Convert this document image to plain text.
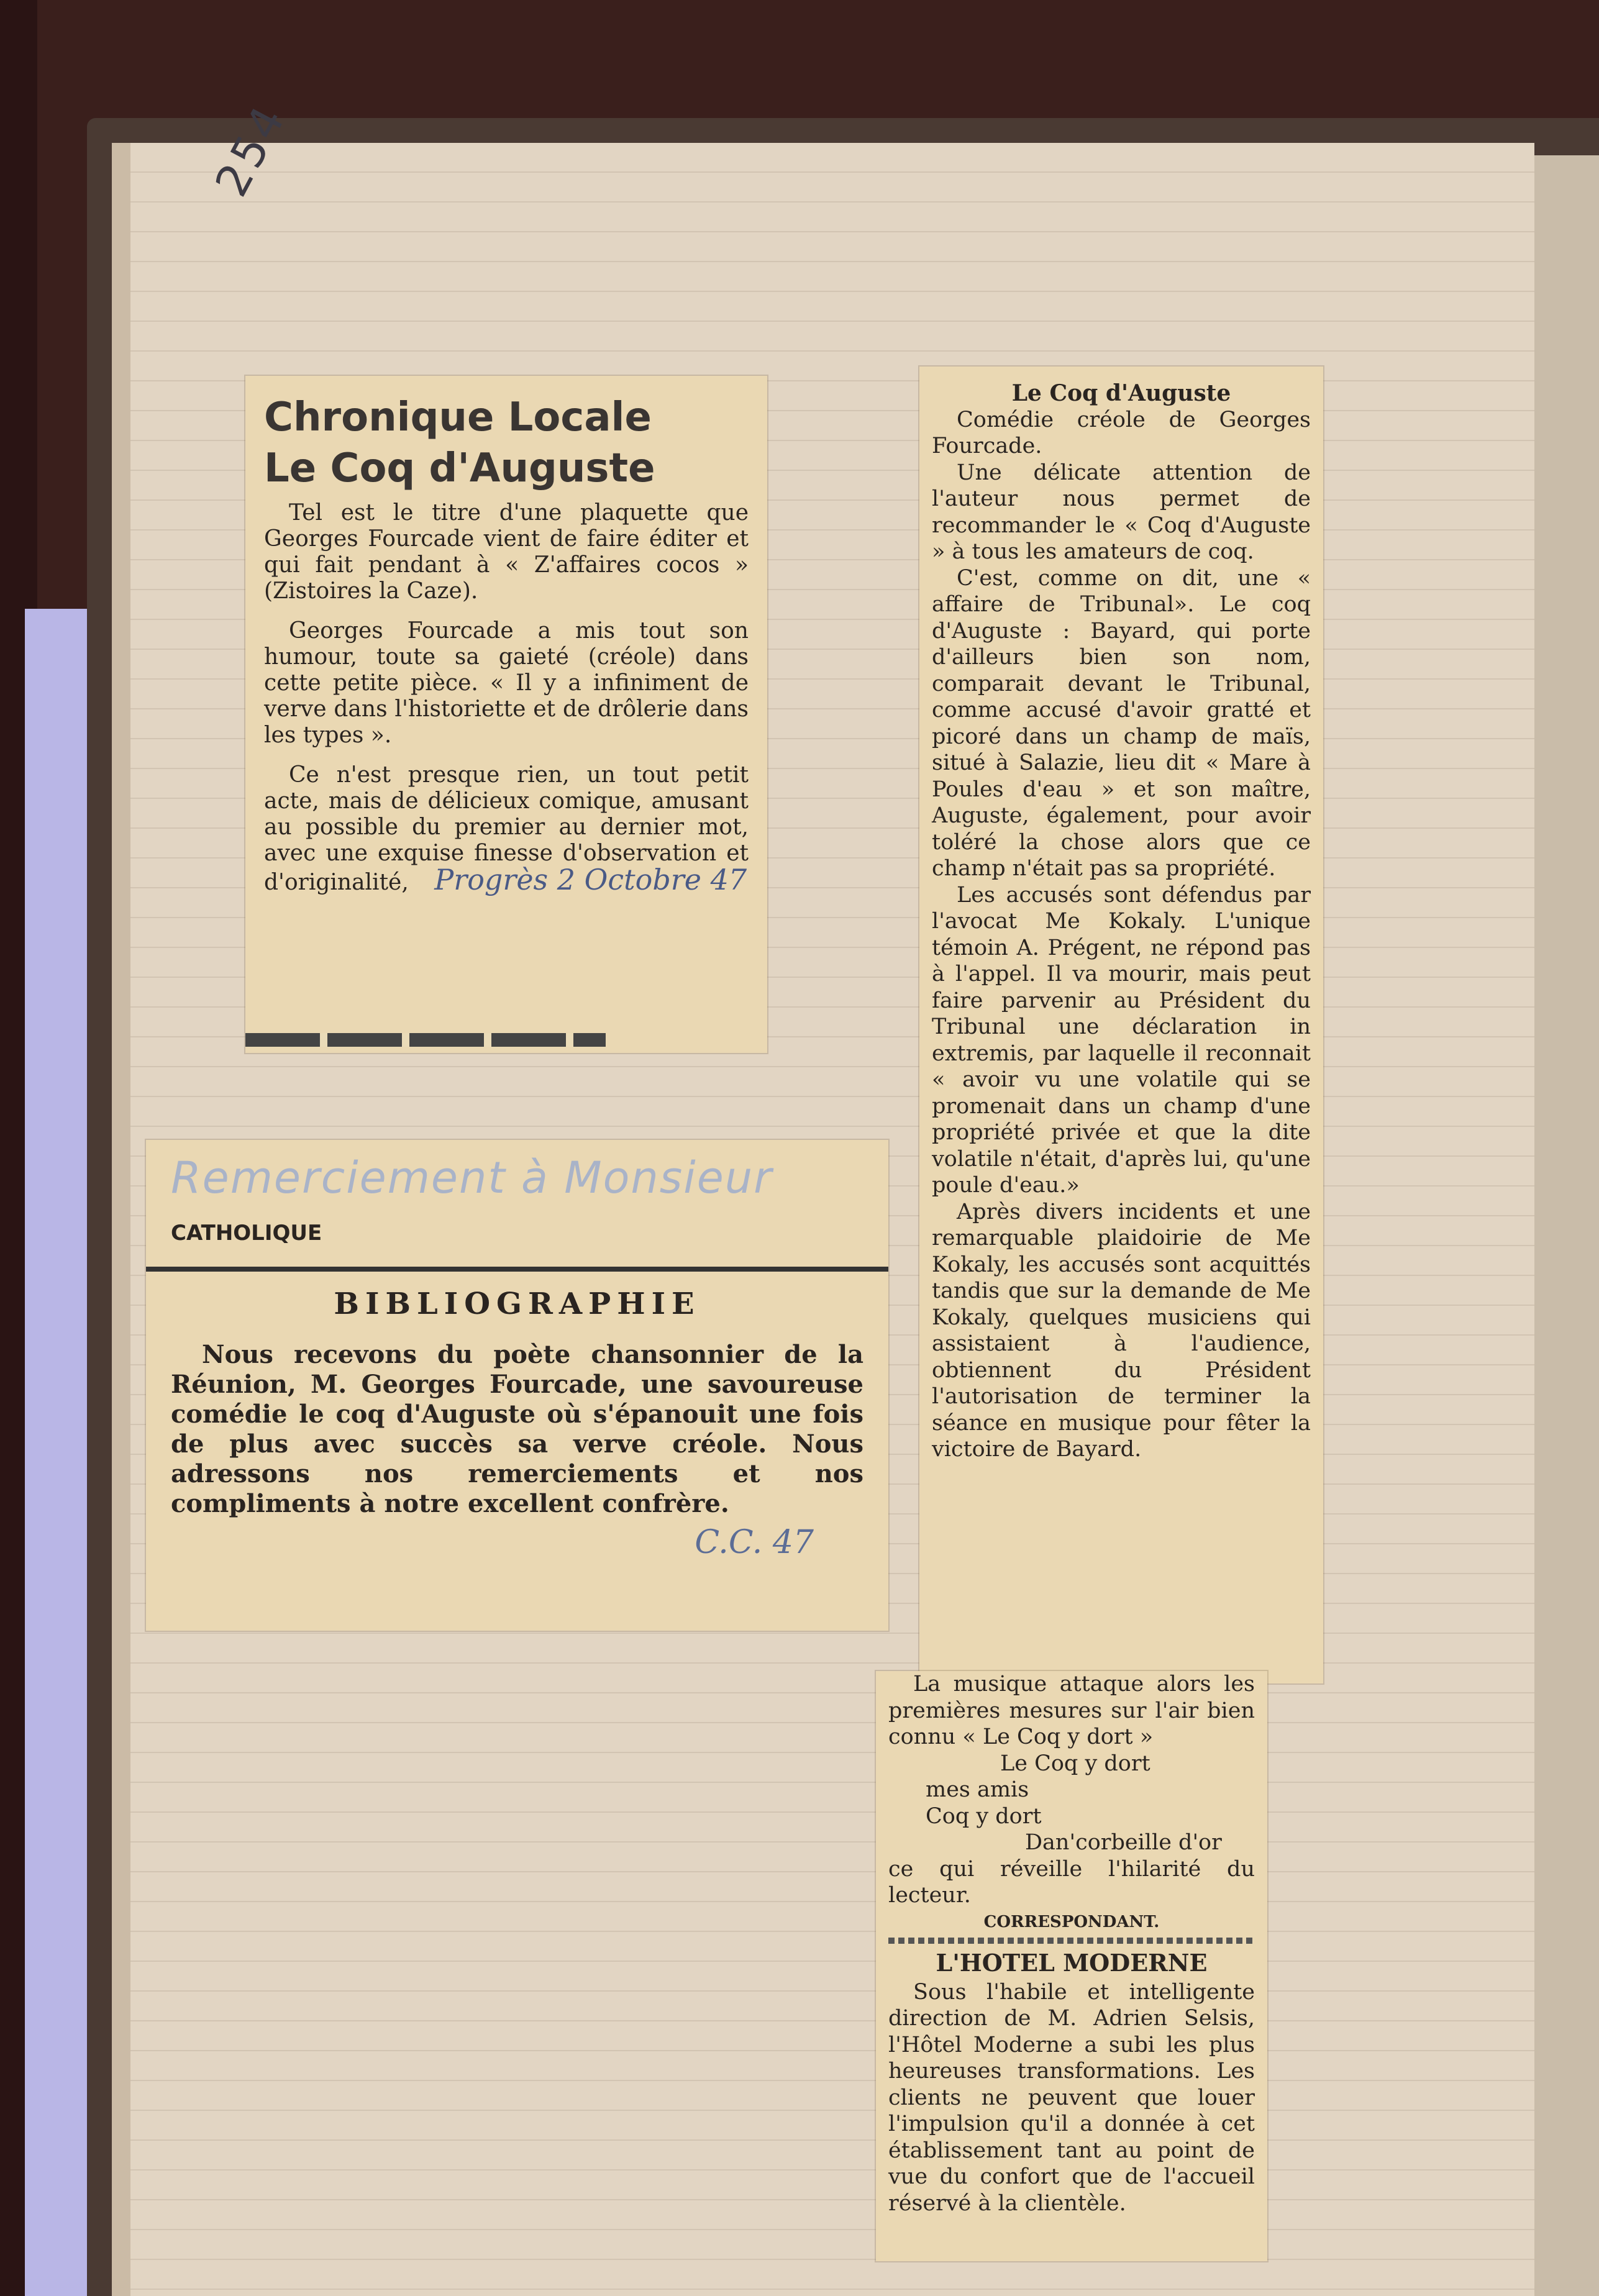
254
Chronique Locale
Le Coq d'Auguste

Tel est le titre d'une plaquette que Georges Fourcade vient de faire éditer et qui fait pendant à « Z'affaires cocos » (Zistoires la Caze).

Georges Fourcade a mis tout son humour, toute sa gaieté (créole) dans cette petite pièce. « Il y a infiniment de verve dans l'historiette et de drôlerie dans les types ».

Ce n'est presque rien, un tout petit acte, mais de délicieux comique, amusant au possible du premier au dernier mot, avec une exquise finesse d'observation et d'originalité, Progrès 2 Octobre 47

Le Coq d'Auguste

Comédie créole de Georges Fourcade.

Une délicate attention de l'auteur nous permet de recommander le « Coq d'Auguste » à tous les amateurs de coq.

C'est, comme on dit, une « affaire de Tribunal». Le coq d'Auguste : Bayard, qui porte d'ailleurs bien son nom, comparait devant le Tribunal, comme accusé d'avoir gratté et picoré dans un champ de maïs, situé à Salazie, lieu dit « Mare à Poules d'eau » et son maître, Auguste, également, pour avoir toléré la chose alors que ce champ n'était pas sa propriété.

Les accusés sont défendus par l'avocat Me Kokaly. L'unique témoin A. Prégent, ne répond pas à l'appel. Il va mourir, mais peut faire parvenir au Président du Tribunal une déclaration in extremis, par laquelle il reconnait « avoir vu une volatile qui se promenait dans un champ d'une propriété privée et que la dite volatile n'était, d'après lui, qu'une poule d'eau.»

Après divers incidents et une remarquable plaidoirie de Me Kokaly, les accusés sont acquittés tandis que sur la demande de Me Kokaly, quelques musiciens qui assistaient à l'audience, obtiennent du Président l'autorisation de terminer la séance en musique pour fêter la victoire de Bayard.

La musique attaque alors les premières mesures sur l'air bien connu « Le Coq y dort »

Le Coq y dort

mes amis

Coq y dort

Dan'corbeille d'or

ce qui réveille l'hilarité du lecteur.

CORRESPONDANT.
L'HOTEL MODERNE

Sous l'habile et intelligente direction de M. Adrien Selsis, l'Hôtel Moderne a subi les plus heureuses transformations. Les clients ne peuvent que louer l'impulsion qu'il a donnée à cet établissement tant au point de vue du confort que de l'accueil réservé à la clientèle.

Remerciement à Monsieur
CATHOLIQUE
BIBLIOGRAPHIE

Nous recevons du poète chansonnier de la Réunion, M. Georges Fourcade, une savoureuse comédie le coq d'Auguste où s'épanouit une fois de plus avec succès sa verve créole. Nous adressons nos remerciements et nos compliments à notre excellent confrère.

C.C. 47
